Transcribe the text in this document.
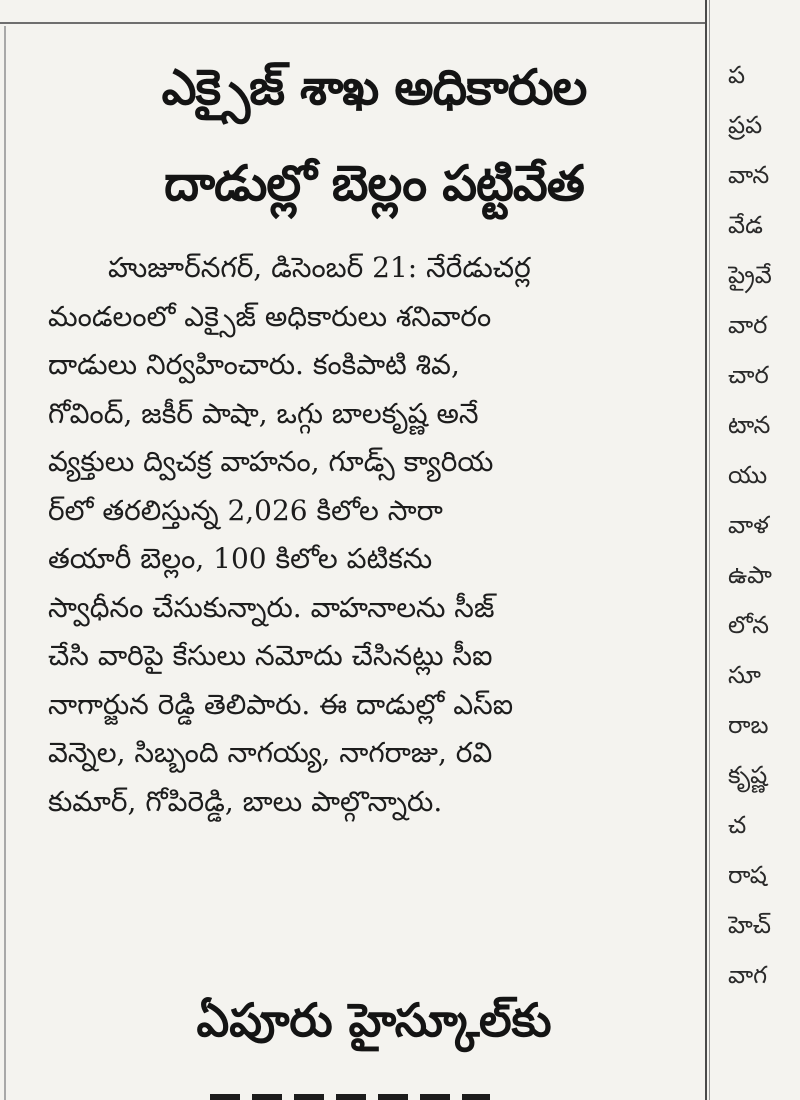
ఎక్సైజ్ శాఖ అధికారుల
దాడుల్లో బెల్లం పట్టివేత

హుజూర్‌నగర్, డిసెంబర్ 21: నేరేడుచర్ల
మండలంలో ఎక్సైజ్ అధికారులు శనివారం
దాడులు నిర్వహించారు. కంకిపాటి శివ,
గోవింద్, జకీర్ పాషా, ఒగ్గు బాలకృష్ణ అనే
వ్యక్తులు ద్విచక్ర వాహనం, గూడ్స్ క్యారియ
ర్‌లో తరలిస్తున్న 2,026 కిలోల సారా
తయారీ బెల్లం, 100 కిలోల పటికను
స్వాధీనం చేసుకున్నారు. వాహనాలను సీజ్
చేసి వారిపై కేసులు నమోదు చేసినట్లు సీఐ
నాగార్జున రెడ్డి తెలిపారు. ఈ దాడుల్లో ఎస్ఐ
వెన్నెల, సిబ్బంది నాగయ్య, నాగరాజు, రవి
కుమార్, గోపిరెడ్డి, బాలు పాల్గొన్నారు.

ఏపూరు హైస్కూల్‌కు
ప
ప్రప
వాన
వేడ
ప్రైవే
వార
చార
టాన
యు
వాళ
ఉపా
లోన
సూ
రాబ
కృష్ణ
చ
రాష
హెచ్
వాగ
